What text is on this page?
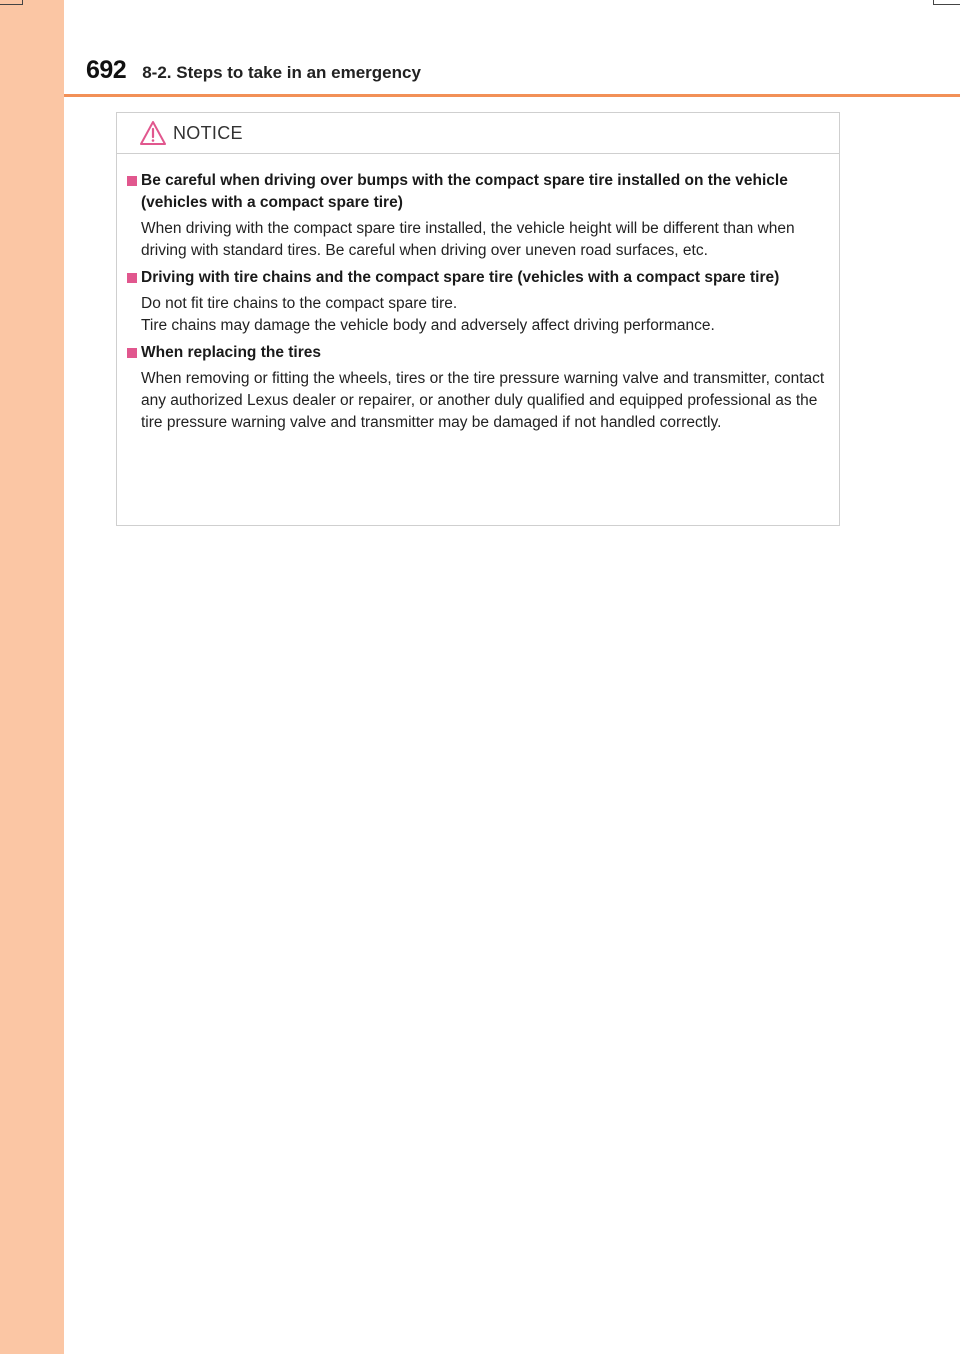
692 8-2. Steps to take in an emergency
NOTICE
Be careful when driving over bumps with the compact spare tire installed on the vehicle (vehicles with a compact spare tire)
When driving with the compact spare tire installed, the vehicle height will be different than when driving with standard tires. Be careful when driving over uneven road surfaces, etc.
Driving with tire chains and the compact spare tire (vehicles with a compact spare tire)
Do not fit tire chains to the compact spare tire.
Tire chains may damage the vehicle body and adversely affect driving performance.
When replacing the tires
When removing or fitting the wheels, tires or the tire pressure warning valve and transmitter, contact any authorized Lexus dealer or repairer, or another duly qualified and equipped professional as the tire pressure warning valve and transmitter may be damaged if not handled correctly.
